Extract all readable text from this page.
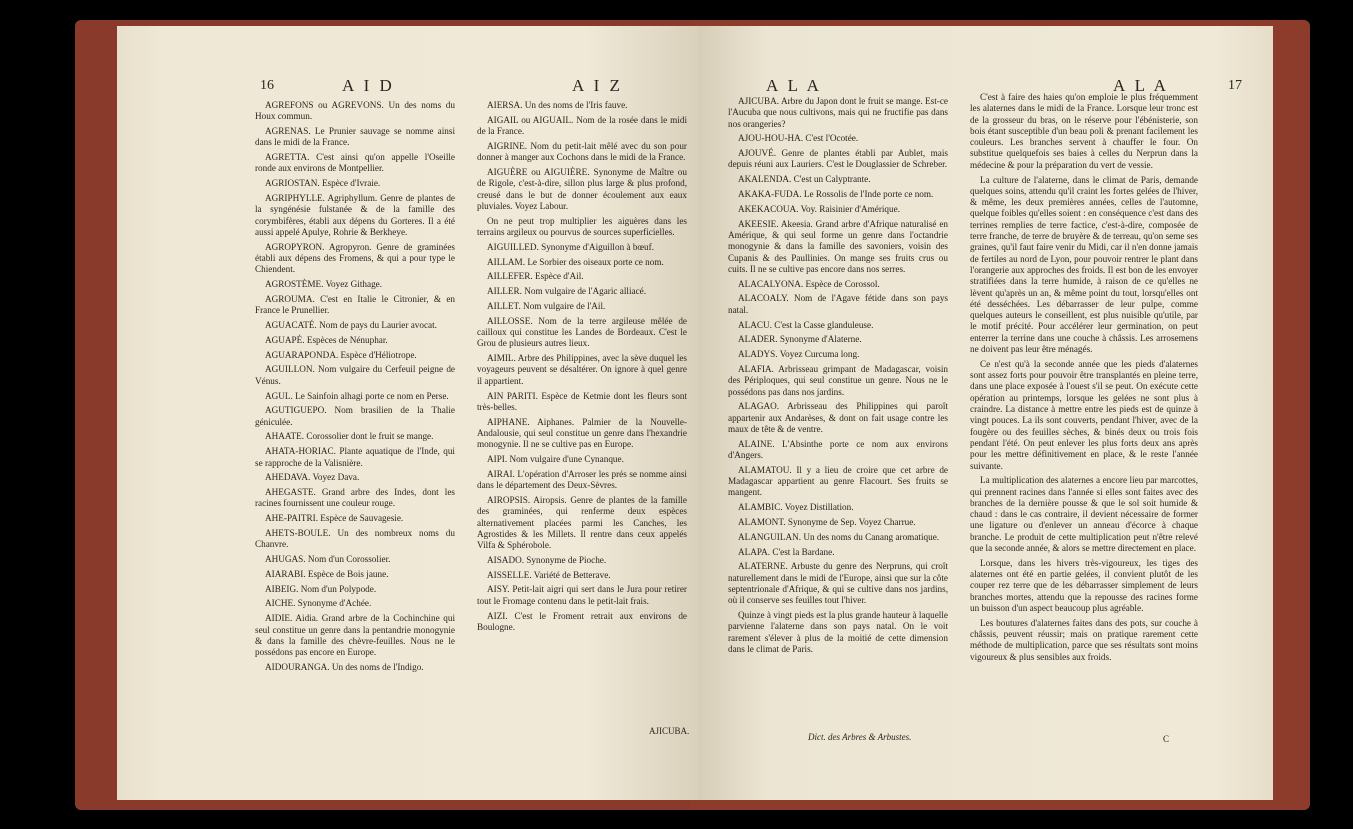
16	A I D	A I Z

AGREFONS ou AGREVONS. Un des noms du Houx commun.

AGRENAS. Le Prunier sauvage se nomme ainsi dans le midi de la France.

AGRETTA. C'est ainsi qu'on appelle l'Oseille ronde aux environs de Montpellier.

AGRIOSTAN. Espèce d'Ivraie.

AGRIPHYLLE. Agriphyllum. Genre de plantes de la syngénésie fulstanée & de la famille des corymbifères, établi aux dépens du Gorteres. Il a été aussi appelé Apulye, Rohrie & Berkheye.

AGROPYRON. Agropyron. Genre de graminées établi aux dépens des Fromens, & qui a pour type le Chiendent.

AGROSTÈME. Voyez Githage.

AGROUMA. C'est en Italie le Citronier, & en France le Prunellier.

AGUACATÉ. Nom de pays du Laurier avocat.

AGUAPÉ. Espèces de Nénuphar.

AGUARAPONDA. Espèce d'Héliotrope.

AGUILLON. Nom vulgaire du Cerfeuil peigne de Vénus.

AGUL. Le Sainfoin alhagi porte ce nom en Perse.

AGUTIGUEPO. Nom brasilien de la Thalie géniculée.

AHAATE. Corossolier dont le fruit se mange.

AHATA-HORIAC. Plante aquatique de l'Inde, qui se rapproche de la Valisnière.

AHEDAVA. Voyez Dava.

AHEGASTE. Grand arbre des Indes, dont les racines fournissent une couleur rouge.

AHE-PAITRI. Espèce de Sauvagesie.

AHETS-BOULE. Un des nombreux noms du Chanvre.

AHUGAS. Nom d'un Corossolier.

AIARABI. Espèce de Bois jaune.

AIBEIG. Nom d'un Polypode.

AICHE. Synonyme d'Achée.

AIDIE. Aidia. Grand arbre de la Cochinchine qui seul constitue un genre dans la pentandrie monogynie & dans la famille des chèvre-feuilles. Nous ne le possédons pas encore en Europe.

AIDOURANGA. Un des noms de l'Indigo.

AIERSA. Un des noms de l'Iris fauve.

AIGAIL ou AIGUAIL. Nom de la rosée dans le midi de la France.

AIGRINE. Nom du petit-lait mêlé avec du son pour donner à manger aux Cochons dans le midi de la France.

AIGUÈRE ou AIGUIÈRE. Synonyme de Maître ou de Rigole, c'est-à-dire, sillon plus large & plus profond, creusé dans le but de donner écoulement aux eaux pluviales. Voyez Labour.

On ne peut trop multiplier les aiguères dans les terrains argileux ou pourvus de sources superficielles.

AIGUILLED. Synonyme d'Aiguillon à bœuf.

AILLAM. Le Sorbier des oiseaux porte ce nom.

AILLEFER. Espèce d'Ail.

AILLER. Nom vulgaire de l'Agaric alliacé.

AILLET. Nom vulgaire de l'Ail.

AILLOSSE. Nom de la terre argileuse mêlée de cailloux qui constitue les Landes de Bordeaux. C'est le Grou de plusieurs autres lieux.

AIMIL. Arbre des Philippines, avec la sève duquel les voyageurs peuvent se désaltérer. On ignore à quel genre il appartient.

AIN PARITI. Espèce de Ketmie dont les fleurs sont très-belles.

AIPHANE. Aiphanes. Palmier de la Nouvelle-Andalousie, qui seul constitue un genre dans l'hexandrie monogynie. Il ne se cultive pas en Europe.

AIPI. Nom vulgaire d'une Cynanque.

AIRAI. L'opération d'Arroser les prés se nomme ainsi dans le département des Deux-Sèvres.

AIROPSIS. Airopsis. Genre de plantes de la famille des graminées, qui renferme deux espèces alternativement placées parmi les Canches, les Agrostides & les Millets. Il rentre dans ceux appelés Vilfa & Sphérobole.

AISADO. Synonyme de Pioche.

AISSELLE. Variété de Betterave.

AISY. Petit-lait aigri qui sert dans le Jura pour retirer tout le Fromage contenu dans le petit-lait frais.

AIZI. C'est le Froment retrait aux environs de Boulogne.

AJICUBA.
A L A	A L A	17

AJICUBA. Arbre du Japon dont le fruit se mange. Est-ce l'Aucuba que nous cultivons, mais qui ne fructifie pas dans nos orangeries?

AJOU-HOU-HA. C'est l'Ocotée.

AJOUVÉ. Genre de plantes établi par Aublet, mais depuis réuni aux Lauriers. C'est le Douglassier de Schreber.

AKALENDA. C'est un Calyptrante.

AKAKA-FUDA. Le Rossolis de l'Inde porte ce nom.

AKEKACOUA. Voy. Raisinier d'Amérique.

AKEESIE. Akeesia. Grand arbre d'Afrique naturalisé en Amérique, & qui seul forme un genre dans l'octandrie monogynie & dans la famille des savoniers, voisin des Cupanis & des Paullinies. On mange ses fruits crus ou cuits. Il ne se cultive pas encore dans nos serres.

ALACALYONA. Espèce de Corossol.

ALACOALY. Nom de l'Agave fétide dans son pays natal.

ALACU. C'est la Casse glanduleuse.

ALADER. Synonyme d'Alaterne.

ALADYS. Voyez Curcuma long.

ALAFIA. Arbrisseau grimpant de Madagascar, voisin des Périploques, qui seul constitue un genre. Nous ne le possédons pas dans nos jardins.

ALAGAO. Arbrisseau des Philippines qui paroît appartenir aux Andarèses, & dont on fait usage contre les maux de tête & de ventre.

ALAINE. L'Absinthe porte ce nom aux environs d'Angers.

ALAMATOU. Il y a lieu de croire que cet arbre de Madagascar appartient au genre Flacourt. Ses fruits se mangent.

ALAMBIC. Voyez Distillation.

ALAMONT. Synonyme de Sep. Voyez Charrue.

ALANGUILAN. Un des noms du Canang aromatique.

ALAPA. C'est la Bardane.

ALATERNE. Arbuste du genre des Nerpruns, qui croît naturellement dans le midi de l'Europe, ainsi que sur la côte septentrionale d'Afrique, & qui se cultive dans nos jardins, où il conserve ses feuilles tout l'hiver.

Quinze à vingt pieds est la plus grande hauteur à laquelle parvienne l'alaterne dans son pays natal. On le voit rarement s'élever à plus de la moitié de cette dimension dans le climat de Paris.

C'est à faire des haies qu'on emploie le plus fréquemment les alaternes dans le midi de la France. Lorsque leur tronc est de la grosseur du bras, on le réserve pour l'ébénisterie, son bois étant susceptible d'un beau poli & prenant facilement les couleurs. Les branches servent à chauffer le four. On substitue quelquefois ses baies à celles du Nerprun dans la médecine & pour la préparation du vert de vessie.

La culture de l'alaterne, dans le climat de Paris, demande quelques soins, attendu qu'il craint les fortes gelées de l'hiver, & même, les deux premières années, celles de l'automne, quelque foibles qu'elles soient : en conséquence c'est dans des terrines remplies de terre factice, c'est-à-dire, composée de terre franche, de terre de bruyère & de terreau, qu'on seme ses graines, qu'il faut faire venir du Midi, car il n'en donne jamais de fertiles au nord de Lyon, pour pouvoir rentrer le plant dans l'orangerie aux approches des froids. Il est bon de les envoyer stratifiées dans la terre humide, à raison de ce qu'elles ne lèvent qu'après un an, & même point du tout, lorsqu'elles ont été desséchées. Les débarrasser de leur pulpe, comme quelques auteurs le conseillent, est plus nuisible qu'utile, par le motif précité. Pour accélérer leur germination, on peut enterrer la terrine dans une couche à châssis. Les arrosemens ne doivent pas leur être ménagés.

Ce n'est qu'à la seconde année que les pieds d'alaternes sont assez forts pour pouvoir être transplantés en pleine terre, dans une place exposée à l'ouest s'il se peut. On exécute cette opération au printemps, lorsque les gelées ne sont plus à craindre. La distance à mettre entre les pieds est de quinze à vingt pouces. La ils sont couverts, pendant l'hiver, avec de la fougère ou des feuilles sèches, & binés deux ou trois fois pendant l'été. On peut enlever les plus forts deux ans après pour les mettre définitivement en place, & le reste l'année suivante.

La multiplication des alaternes a encore lieu par marcottes, qui prennent racines dans l'année si elles sont faites avec des branches de la dernière pousse & que le sol soit humide & chaud : dans le cas contraire, il devient nécessaire de former une ligature ou d'enlever un anneau d'écorce à chaque branche. Le produit de cette multiplication peut n'être relevé que la seconde année, & alors se mettre directement en place.

Lorsque, dans les hivers très-vigoureux, les tiges des alaternes ont été en partie gelées, il convient plutôt de les couper rez terre que de les débarrasser simplement de leurs branches mortes, attendu que la repousse des racines forme un buisson d'un aspect beaucoup plus agréable.

Les boutures d'alaternes faites dans des pots, sur couche à châssis, peuvent réussir; mais on pratique rarement cette méthode de multiplication, parce que ses résultats sont moins vigoureux & plus sensibles aux froids.

Dict. des Arbres & Arbustes.	C
